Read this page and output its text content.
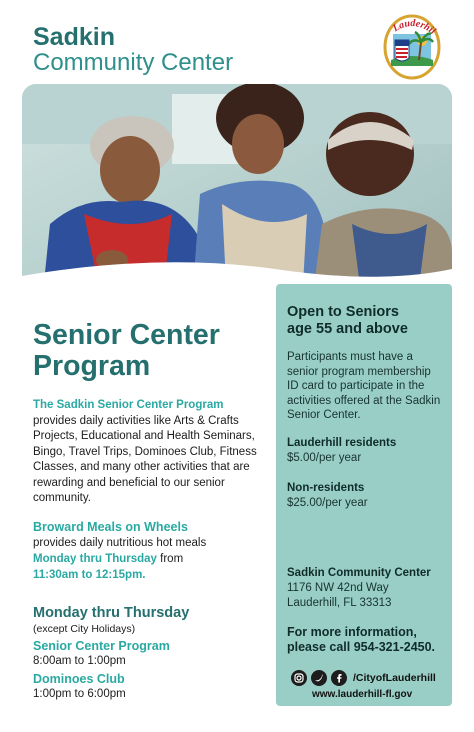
Sadkin
Community Center
Lauderhil
Senior Center
Program
The Sadkin Senior Center Program provides daily activities like Arts & Crafts Projects, Educational and Health Seminars, Bingo, Travel Trips, Dominoes Club, Fitness Classes, and many other activities that are rewarding and beneficial to our senior community.
Broward Meals on Wheels
provides daily nutritious hot meals
Monday thru Thursday from
11:30am to 12:15pm.
Monday thru Thursday
(except City Holidays)
Senior Center Program
8:00am to 1:00pm
Dominoes Club
1:00pm to 6:00pm
Open to Seniors
age 55 and above
Participants must have a senior program membership ID card to participate in the activities offered at the Sadkin Senior Center.
Lauderhill residents
$5.00/per year
Non-residents
$25.00/per year
Sadkin Community Center
1176 NW 42nd Way
Lauderhill, FL 33313
For more information,
please call 954-321-2450.
/CityofLauderhill
www.lauderhill-fl.gov
